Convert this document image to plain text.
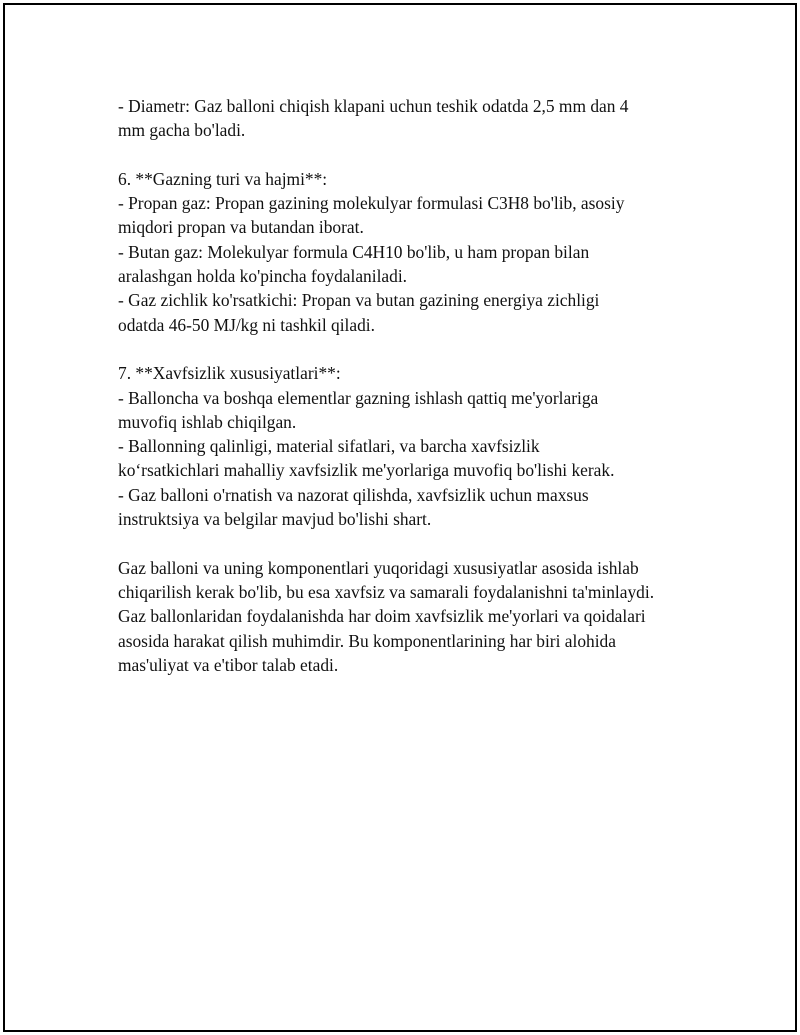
- Diametr: Gaz balloni chiqish klapani uchun teshik odatda 2,5 mm dan 4
mm gacha bo'ladi.
6. **Gazning turi va hajmi**:
- Propan gaz: Propan gazining molekulyar formulasi C3H8 bo'lib, asosiy
miqdori propan va butandan iborat.
- Butan gaz: Molekulyar formula C4H10 bo'lib, u ham propan bilan
aralashgan holda ko'pincha foydalaniladi.
- Gaz zichlik ko'rsatkichi: Propan va butan gazining energiya zichligi
odatda 46-50 MJ/kg ni tashkil qiladi.
7. **Xavfsizlik xususiyatlari**:
- Balloncha va boshqa elementlar gazning ishlash qattiq me'yorlariga
muvofiq ishlab chiqilgan.
- Ballonning qalinligi, material sifatlari, va barcha xavfsizlik
ko‘rsatkichlari mahalliy xavfsizlik me'yorlariga muvofiq bo'lishi kerak.
- Gaz balloni o'rnatish va nazorat qilishda, xavfsizlik uchun maxsus
instruktsiya va belgilar mavjud bo'lishi shart.
Gaz balloni va uning komponentlari yuqoridagi xususiyatlar asosida ishlab
chiqarilish kerak bo'lib, bu esa xavfsiz va samarali foydalanishni ta'minlaydi.
Gaz ballonlaridan foydalanishda har doim xavfsizlik me'yorlari va qoidalari
asosida harakat qilish muhimdir. Bu komponentlarining har biri alohida
mas'uliyat va e'tibor talab etadi.
